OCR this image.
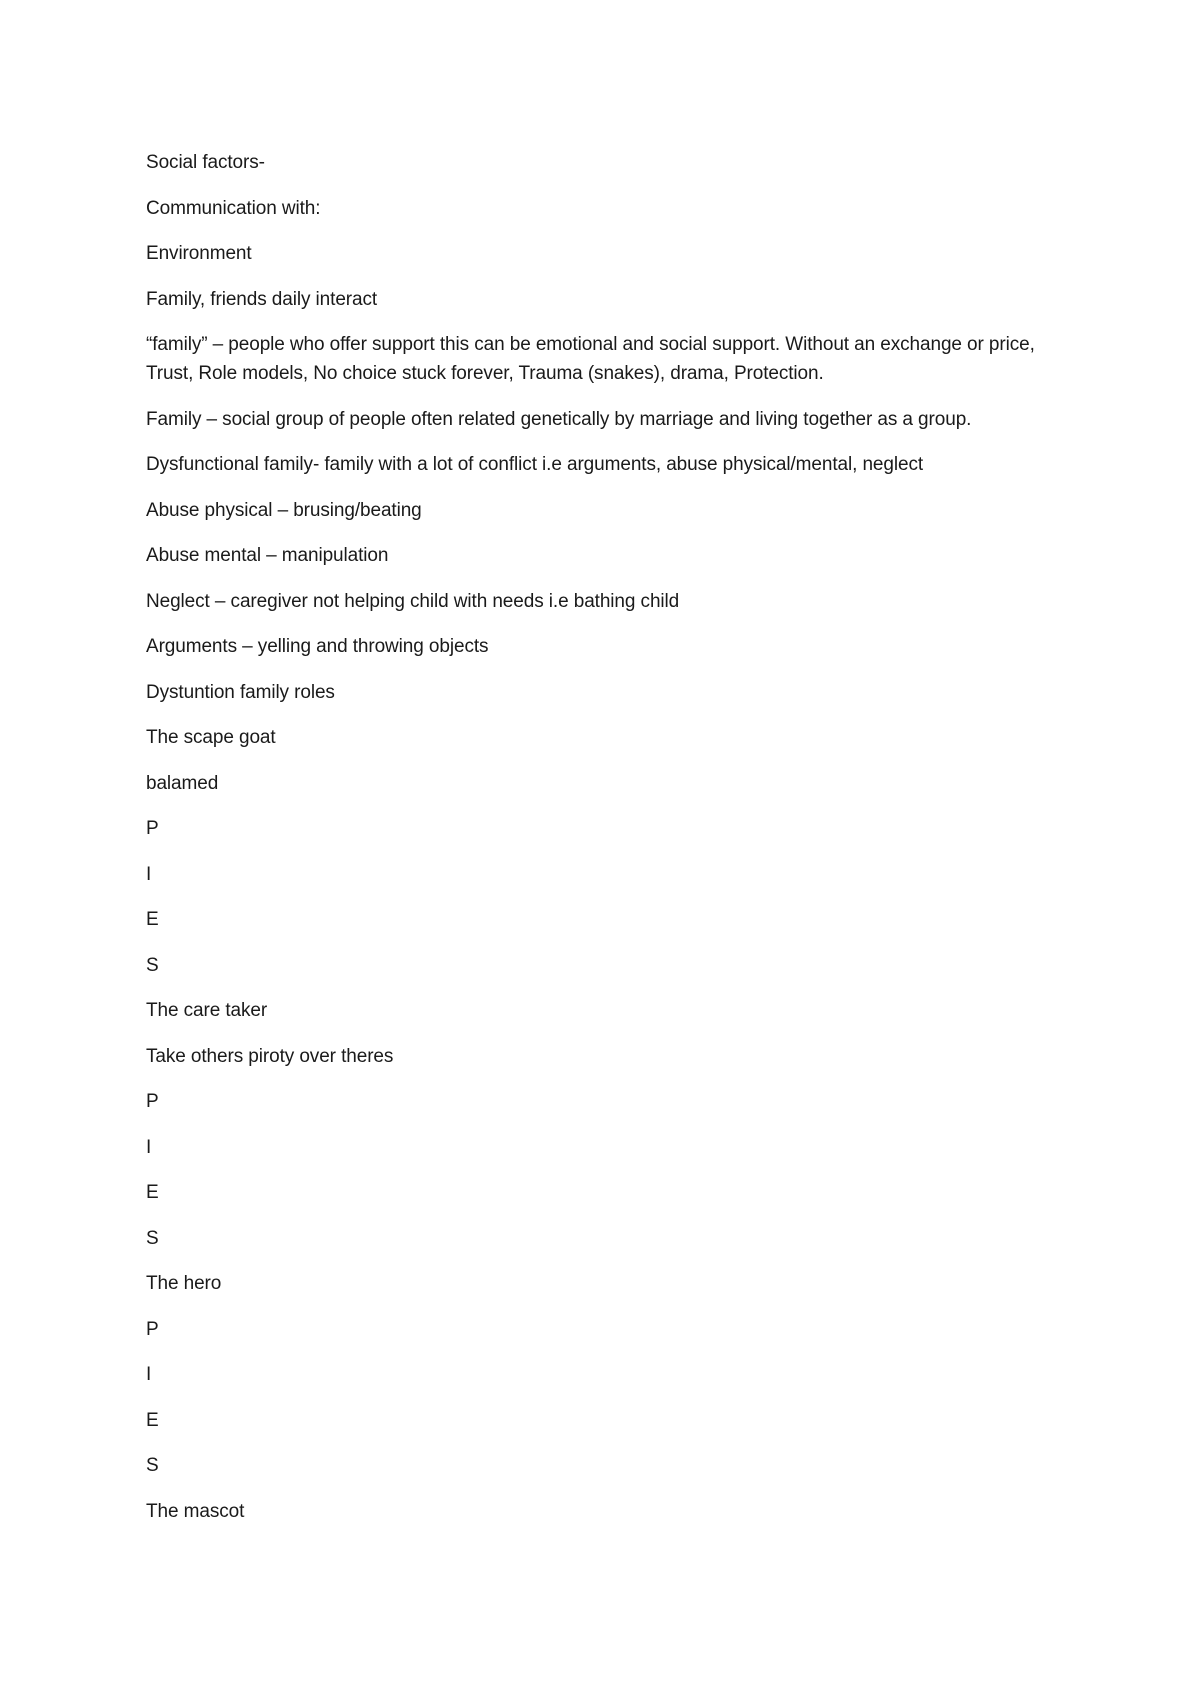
Social factors-

Communication with:

Environment

Family, friends daily interact

“family” – people who offer support this can be emotional and social support. Without an exchange or price, Trust, Role models, No choice stuck forever, Trauma (snakes), drama, Protection.

Family – social group of people often related genetically by marriage and living together as a group.

Dysfunctional family- family with a lot of conflict i.e arguments, abuse physical/mental, neglect

Abuse physical – brusing/beating

Abuse mental – manipulation

Neglect – caregiver not helping child with needs i.e bathing child

Arguments – yelling and throwing objects

Dystuntion family roles

The scape goat

balamed

P

I

E

S

The care taker

Take others piroty over theres

P

I

E

S

The hero

P

I

E

S

The mascot
